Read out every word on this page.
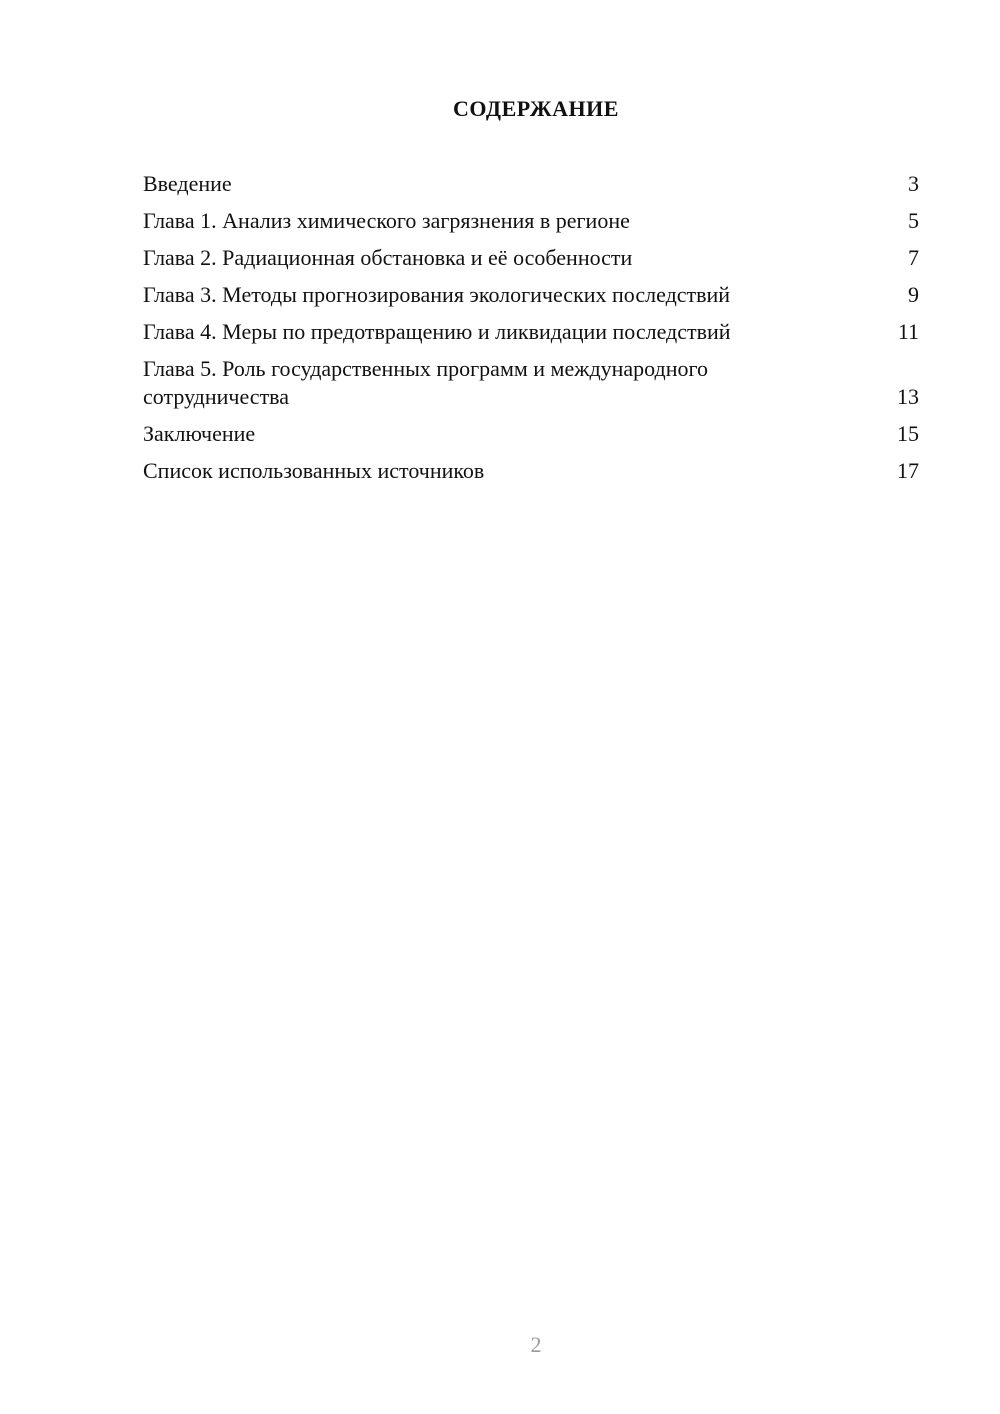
СОДЕРЖАНИЕ
Введение	3
Глава 1. Анализ химического загрязнения в регионе	5
Глава 2. Радиационная обстановка и её особенности	7
Глава 3. Методы прогнозирования экологических последствий	9
Глава 4. Меры по предотвращению и ликвидации последствий	11
Глава 5. Роль государственных программ и международного сотрудничества	13
Заключение	15
Список использованных источников	17
2
